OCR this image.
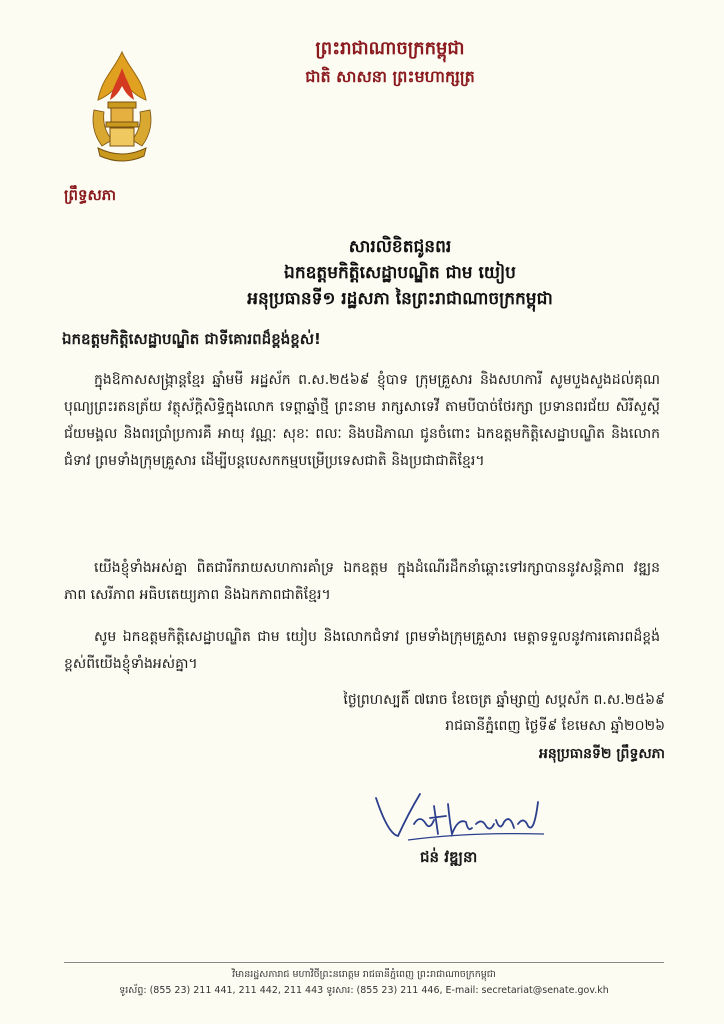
ព្រះរាជាណាចក្រកម្ពុជា
ជាតិ សាសនា ព្រះមហាក្សត្រ
ព្រឹទ្ធសភា
សារលិខិតជូនពរ
ឯកឧត្តមកិត្តិសេដ្ឋាបណ្ឌិត ជាម យៀប
អនុប្រធានទី១ រដ្ឋសភា នៃព្រះរាជាណាចក្រកម្ពុជា
ឯកឧត្តមកិត្តិសេដ្ឋាបណ្ឌិត ជាទីគោរពដ៏ខ្ពង់ខ្ពស់!
ក្នុងឱកាសសង្ក្រាន្តខ្មែរ ឆ្នាំមមី អដ្ឋស័ក ព.ស.២៥៦៩ ខ្ញុំបាទ ក្រុមគ្រួសារ និងសហការី សូមបួងសួងដល់គុណបុណ្យព្រះរតនត្រ័យ វត្ថុស័ក្តិសិទ្ធិក្នុងលោក ទេព្តាឆ្នាំថ្មី ព្រះនាម រាក្សសាទេវី តាមបីបាច់ថែរក្សា ប្រទានពរជ័យ សិរីសួស្តី ជ័យមង្គល និងពរប្រាំប្រការគឺ អាយុ វណ្ណៈ សុខៈ ពលៈ និងបដិភាណ ជូនចំពោះ ឯកឧត្តមកិត្តិសេដ្ឋាបណ្ឌិត និងលោកជំទាវ ព្រមទាំងក្រុមគ្រួសារ ដើម្បីបន្តបេសកកម្មបម្រើប្រទេសជាតិ និងប្រជាជាតិខ្មែរ។
យើងខ្ញុំទាំងអស់គ្នា ពិតជារីករាយសហការគាំទ្រ ឯកឧត្តម ក្នុងដំណើរដឹកនាំឆ្ពោះទៅរក្សាបាននូវសន្តិភាព វឌ្ឍនភាព សេរីភាព អធិបតេយ្យភាព និងឯកភាពជាតិខ្មែរ។
សូម ឯកឧត្តមកិត្តិសេដ្ឋាបណ្ឌិត ជាម យៀប និងលោកជំទាវ ព្រមទាំងក្រុមគ្រួសារ មេត្តាទទួលនូវការគោរពដ៏ខ្ពង់ខ្ពស់ពីយើងខ្ញុំទាំងអស់គ្នា។
ថ្ងៃព្រហស្បតិ៍ ៧រោច ខែចេត្រ ឆ្នាំម្សាញ់ សប្តស័ក ព.ស.២៥៦៩
រាជធានីភ្នំពេញ ថ្ងៃទី៩ ខែមេសា ឆ្នាំ២០២៦
អនុប្រធានទី២ ព្រឹទ្ធសភា
ជន់ វឌ្ឍនា
វិមានរដ្ឋសភារាជ មហាវិថីព្រះនរោត្តម រាជធានីភ្នំពេញ ព្រះរាជាណាចក្រកម្ពុជា
ទូរស័ព្ទ: (855 23) 211 441, 211 442, 211 443 ទូរសារ: (855 23) 211 446, E-mail: secretariat@senate.gov.kh
